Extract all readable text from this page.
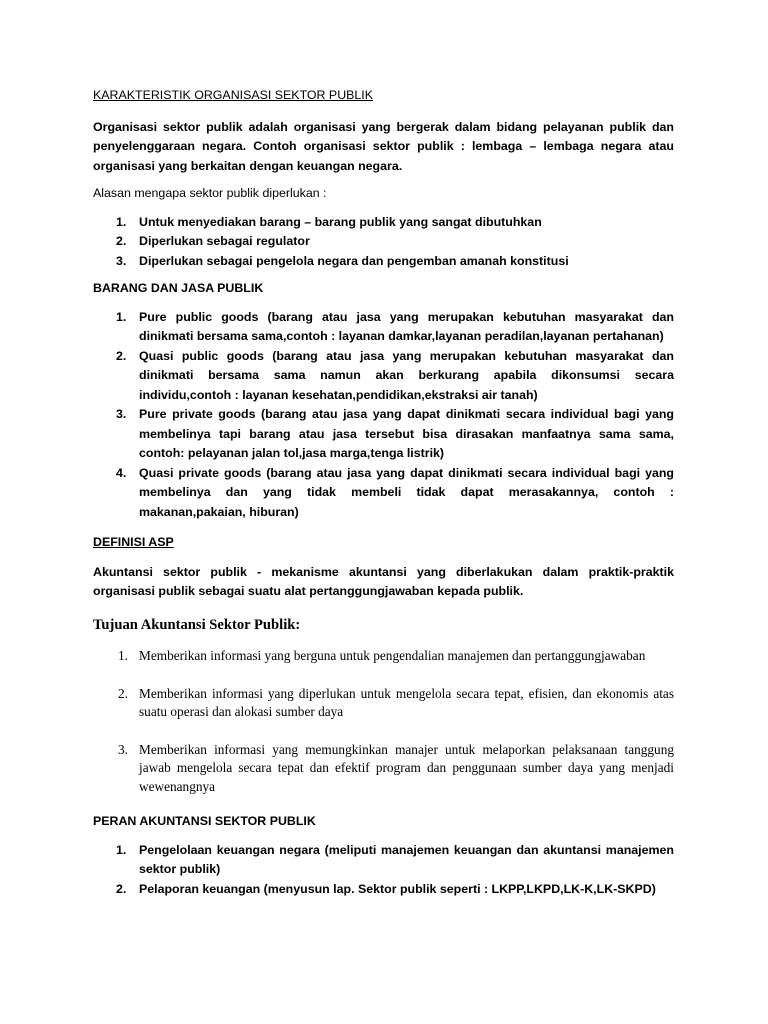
KARAKTERISTIK ORGANISASI SEKTOR PUBLIK

Organisasi sektor publik adalah organisasi yang bergerak dalam bidang pelayanan publik dan penyelenggaraan negara. Contoh organisasi sektor publik : lembaga – lembaga negara atau organisasi yang berkaitan dengan keuangan negara.

Alasan mengapa sektor publik diperlukan :

1. Untuk menyediakan barang – barang publik yang sangat dibutuhkan
2. Diperlukan sebagai regulator
3. Diperlukan sebagai pengelola negara dan pengemban amanah konstitusi

BARANG DAN JASA PUBLIK

1. Pure public goods (barang atau jasa yang merupakan kebutuhan masyarakat dan dinikmati bersama sama,contoh : layanan damkar,layanan peradilan,layanan pertahanan)
2. Quasi public goods (barang atau jasa yang merupakan kebutuhan masyarakat dan dinikmati bersama sama namun akan berkurang apabila dikonsumsi secara individu,contoh : layanan kesehatan,pendidikan,ekstraksi air tanah)
3. Pure private goods (barang atau jasa yang dapat dinikmati secara individual bagi yang membelinya tapi barang atau jasa tersebut bisa dirasakan manfaatnya sama sama, contoh: pelayanan jalan tol,jasa marga,tenga listrik)
4. Quasi private goods (barang atau jasa yang dapat dinikmati secara individual bagi yang membelinya dan yang tidak membeli tidak dapat merasakannya, contoh : makanan,pakaian, hiburan)

DEFINISI ASP

Akuntansi sektor publik - mekanisme akuntansi yang diberlakukan dalam praktik-praktik organisasi publik sebagai suatu alat pertanggungjawaban kepada publik.

Tujuan Akuntansi Sektor Publik:

1. Memberikan informasi yang berguna untuk pengendalian manajemen dan pertanggungjawaban
2. Memberikan informasi yang diperlukan untuk mengelola secara tepat, efisien, dan ekonomis atas suatu operasi dan alokasi sumber daya
3. Memberikan informasi yang memungkinkan manajer untuk melaporkan pelaksanaan tanggung jawab mengelola secara tepat dan efektif program dan penggunaan sumber daya yang menjadi wewenangnya

PERAN AKUNTANSI SEKTOR PUBLIK

1. Pengelolaan keuangan negara (meliputi manajemen keuangan dan akuntansi manajemen sektor publik)
2. Pelaporan keuangan (menyusun lap. Sektor publik seperti : LKPP,LKPD,LK-K,LK-SKPD)
